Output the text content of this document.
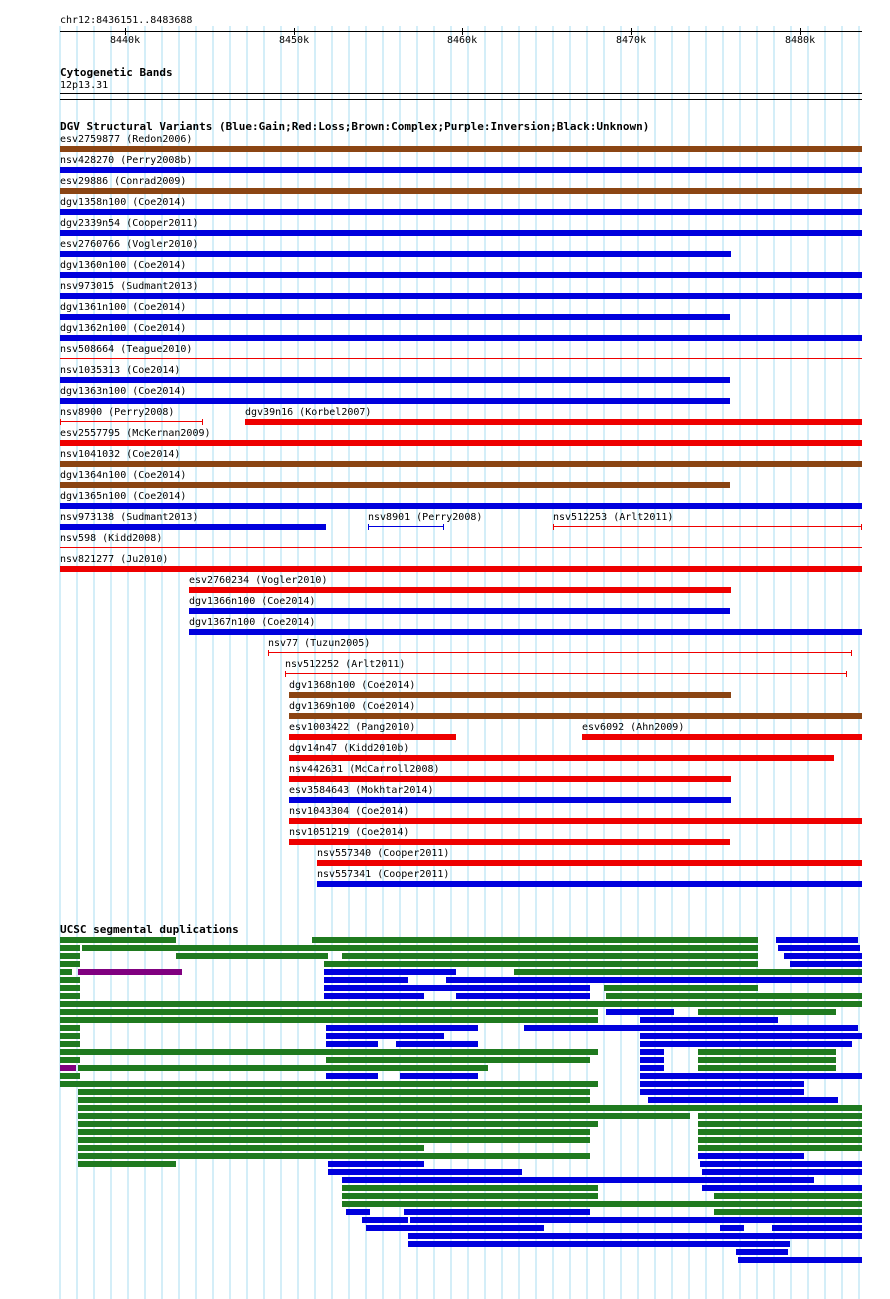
chr12:8436151..8483688
8440k	8450k	8460k	8470k	8480k
Cytogenetic Bands
12p13.31
DGV Structural Variants (Blue:Gain;Red:Loss;Brown:Complex;Purple:Inversion;Black:Unknown)
esv2759877 (Redon2006)
nsv428270 (Perry2008b)
esv29886 (Conrad2009)
dgv1358n100 (Coe2014)
dgv2339n54 (Cooper2011)
esv2760766 (Vogler2010)
dgv1360n100 (Coe2014)
nsv973015 (Sudmant2013)
dgv1361n100 (Coe2014)
dgv1362n100 (Coe2014)
nsv508664 (Teague2010)
nsv1035313 (Coe2014)
dgv1363n100 (Coe2014)
nsv8900 (Perry2008)	dgv39n16 (Korbel2007)
esv2557795 (McKernan2009)
nsv1041032 (Coe2014)
dgv1364n100 (Coe2014)
dgv1365n100 (Coe2014)
nsv973138 (Sudmant2013)	nsv8901 (Perry2008)	nsv512253 (Arlt2011)
nsv598 (Kidd2008)
nsv821277 (Ju2010)
esv2760234 (Vogler2010)
dgv1366n100 (Coe2014)
dgv1367n100 (Coe2014)
nsv77 (Tuzun2005)
nsv512252 (Arlt2011)
dgv1368n100 (Coe2014)
dgv1369n100 (Coe2014)
esv1003422 (Pang2010)	esv6092 (Ahn2009)
dgv14n47 (Kidd2010b)
nsv442631 (McCarroll2008)
esv3584643 (Mokhtar2014)
nsv1043304 (Coe2014)
nsv1051219 (Coe2014)
nsv557340 (Cooper2011)
nsv557341 (Cooper2011)
UCSC segmental duplications
